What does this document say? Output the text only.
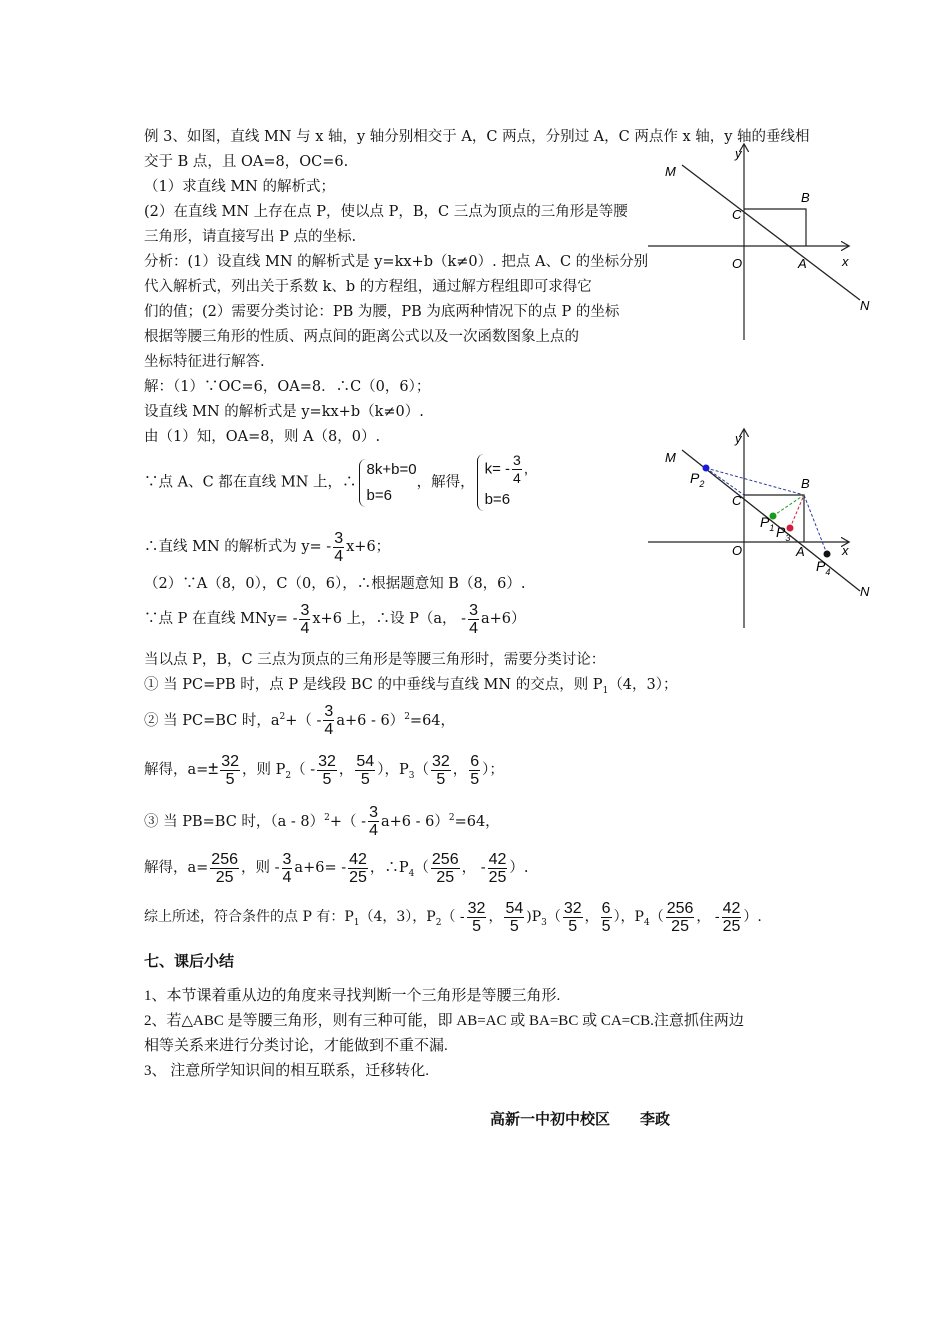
例 3、如图，直线 MN 与 x 轴，y 轴分别相交于 A，C 两点，分别过 A，C 两点作 x 轴，y 轴的垂线相
交于 B 点，且 OA=8，OC=6.
（1）求直线 MN 的解析式；
(2）在直线 MN 上存在点 P，使以点 P，B，C 三点为顶点的三角形是等腰
三角形，请直接写出 P 点的坐标.
分析：(1）设直线 MN 的解析式是 y=kx+b（k≠0）. 把点 A、C 的坐标分别
代入解析式，列出关于系数 k、b 的方程组，通过解方程组即可求得它
们的值；(2）需要分类讨论：PB 为腰，PB 为底两种情况下的点 P 的坐标
根据等腰三角形的性质、两点间的距离公式以及一次函数图象上点的
坐标特征进行解答.
M
y
B
C
O	A	x
N
解：（1）∵OC=6，OA=8．∴C（0，6）；
设直线 MN 的解析式是 y=kx+b（k≠0）.
由（1）知，OA=8，则 A（8，0）.
∵点 A、C 都在直线 MN 上，∴
8k+b=0
b=6
，解得，
$k= - \frac{3}{4}$ ,
b=6
∴直线 MN 的解析式为 $y= - \frac{3}{4} x+6$；
（2）∵A（8，0），C（0，6），∴根据题意知 B（8，6）.
∵点 P 在直线 $MNy= - \frac{3}{4} x+6$ 上，∴设 P（a， - $\frac{3}{4} a+6$）
当以点 P，B，C 三点为顶点的三角形是等腰三角形时，需要分类讨论：
① 当 PC=PB 时，点 P 是线段 BC 的中垂线与直线 MN 的交点，则 $P_1(4$，3）；
② 当 PC=BC 时，$a^2+( - \frac{3}{4} a+6 - 6)^2=64$，
解得，$a=\pm \frac{32}{5}$ ，则 $P_2( - \frac{32}{5}$ ， $\frac{54}{5}$ ），$P_3( \frac{32}{5}$ ， $\frac{6}{5}$ ）；
③ 当 PB=BC 时，$(a - 8)^2+( - \frac{3}{4} a+6 - 6)^2=64$，
解得，$a= \frac{256}{25}$ ，则 - $\frac{3}{4} a+6= - \frac{42}{25}$ ，$\therefore P_4( \frac{256}{25}$ ， - $\frac{42}{25}$ ）.
综上所述，符合条件的点 P 有：$P_1(4$，3），$P_2( - \frac{32}{5}$ ， $\frac{54}{5} )P_3( \frac{32}{5}$ ， $\frac{6}{5}$ ），$P_4( \frac{256}{25}$ ， - $\frac{42}{25}$ ）.
M
y
B
C
O	A	x
N
$P_2$
$P_1$ $P_3$
$P_4$
七、课后小结
1、本节课着重从边的角度来寻找判断一个三角形是等腰三角形.
2、若△ABC 是等腰三角形，则有三种可能，即 AB=AC 或 BA=BC 或 CA=CB.注意抓住两边
相等关系来进行分类讨论，才能做到不重不漏.
3、 注意所学知识间的相互联系，迁移转化.
高新一中初中校区　　李政
